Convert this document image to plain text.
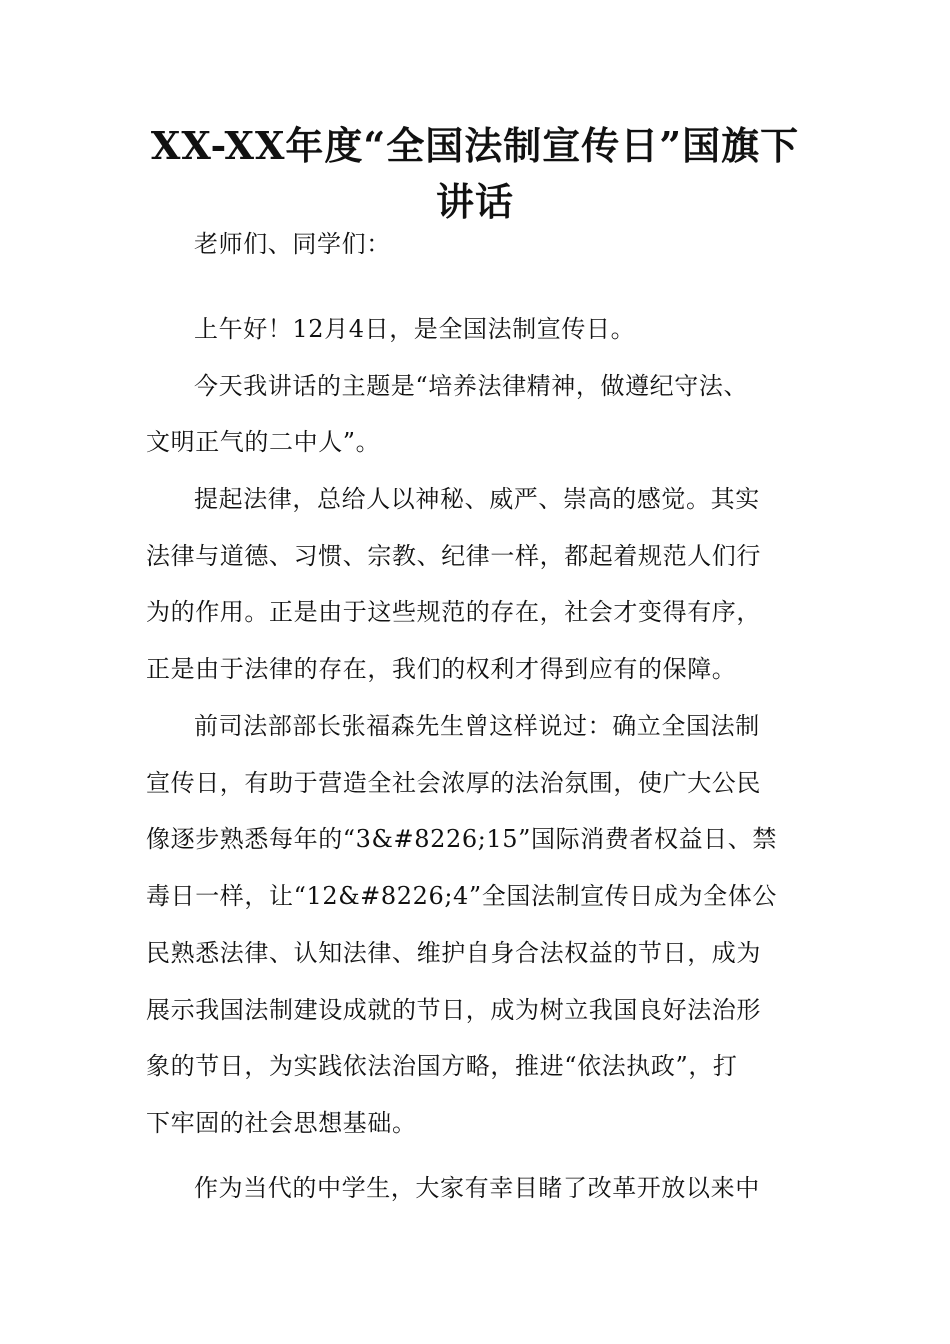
XX-XX年度“全国法制宣传日”国旗下
讲话
老师们、同学们：
上午好！12月4日，是全国法制宣传日。
今天我讲话的主题是“培养法律精神，做遵纪守法、
文明正气的二中人”。
提起法律，总给人以神秘、威严、崇高的感觉。其实
法律与道德、习惯、宗教、纪律一样，都起着规范人们行
为的作用。正是由于这些规范的存在，社会才变得有序，
正是由于法律的存在，我们的权利才得到应有的保障。
前司法部部长张福森先生曾这样说过：确立全国法制
宣传日，有助于营造全社会浓厚的法治氛围，使广大公民
像逐步熟悉每年的“3&#8226;15”国际消费者权益日、禁
毒日一样，让“12&#8226;4”全国法制宣传日成为全体公
民熟悉法律、认知法律、维护自身合法权益的节日，成为
展示我国法制建设成就的节日，成为树立我国良好法治形
象的节日，为实践依法治国方略，推进“依法执政”，打
下牢固的社会思想基础。
作为当代的中学生，大家有幸目睹了改革开放以来中
